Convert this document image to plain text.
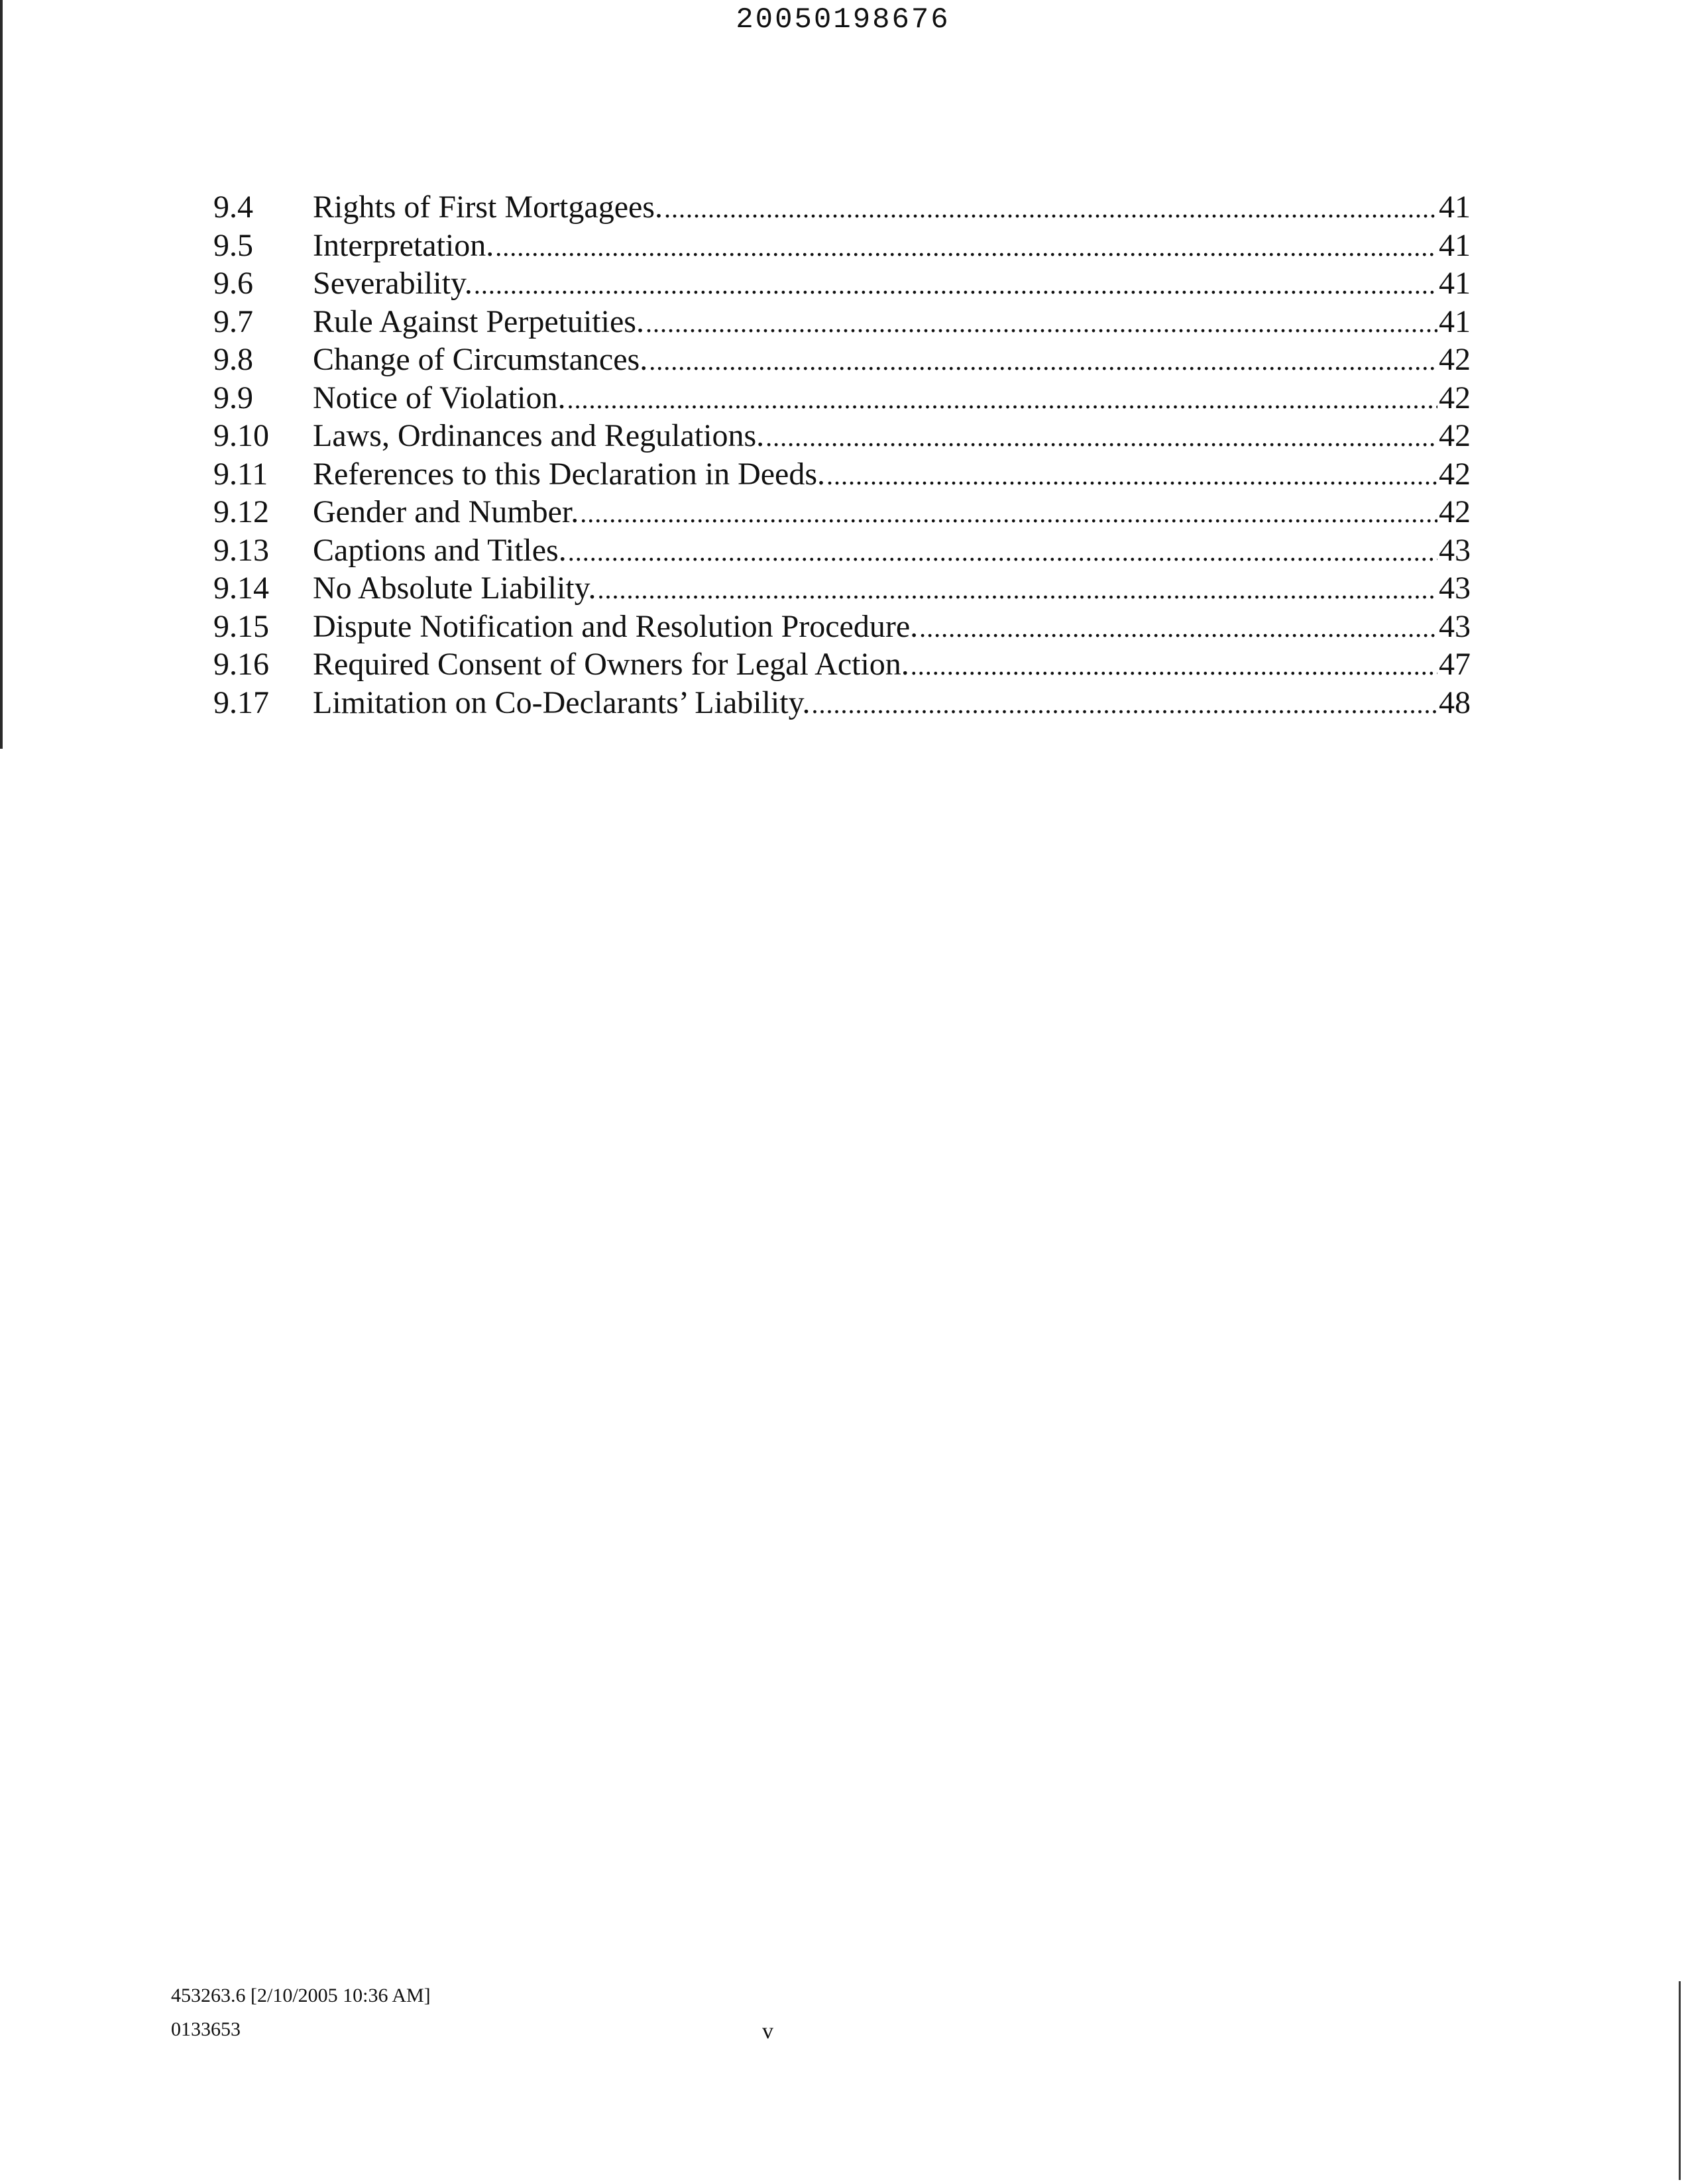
20050198676
9.4	Rights of First Mortgagees. .....	41
9.5	Interpretation. .....	41
9.6	Severability. .....	41
9.7	Rule Against Perpetuities. .....	41
9.8	Change of Circumstances. .....	42
9.9	Notice of Violation. .....	42
9.10	Laws, Ordinances and Regulations. .....	42
9.11	References to this Declaration in Deeds. .....	42
9.12	Gender and Number. .....	42
9.13	Captions and Titles. .....	43
9.14	No Absolute Liability. .....	43
9.15	Dispute Notification and Resolution Procedure. .....	43
9.16	Required Consent of Owners for Legal Action. .....	47
9.17	Limitation on Co-Declarants’ Liability. .....	48
453263.6 [2/10/2005 10:36 AM]
0133653	v
